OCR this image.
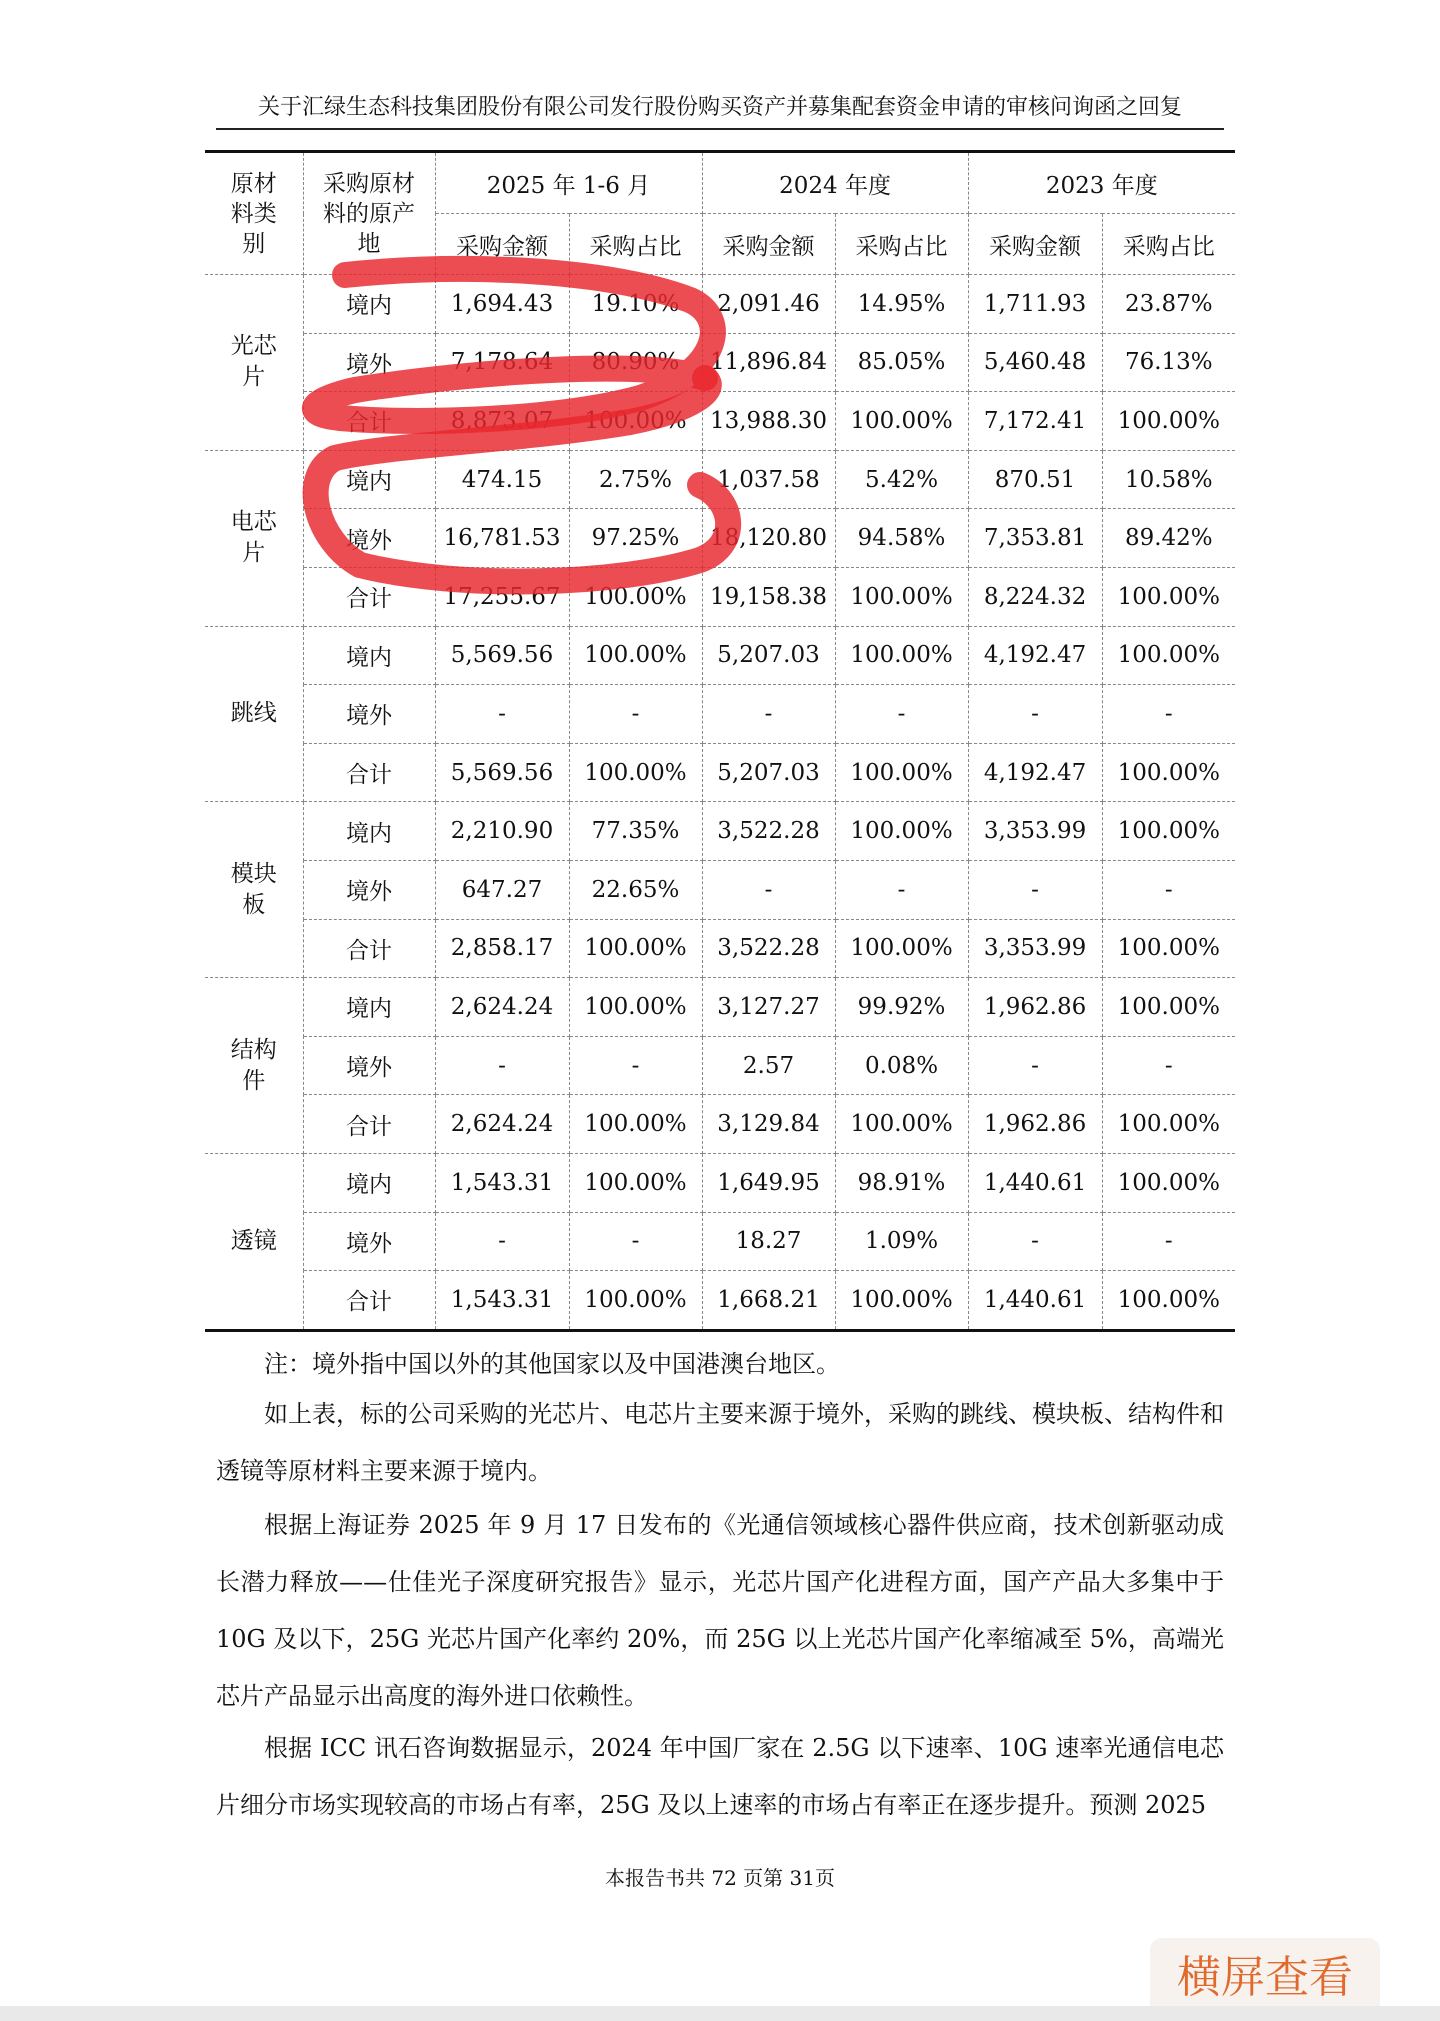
关于汇绿生态科技集团股份有限公司发行股份购买资产并募集配套资金申请的审核问询函之回复
原材料类别	采购原材料的原产地	2025 年 1-6 月		2024 年度		2023 年度	
		采购金额	采购占比	采购金额	采购占比	采购金额	采购占比
光芯片	境内	1,694.43	19.10%	2,091.46	14.95%	1,711.93	23.87%
	境外	7,178.64	80.90%	11,896.84	85.05%	5,460.48	76.13%
	合计	8,873.07	100.00%	13,988.30	100.00%	7,172.41	100.00%
电芯片	境内	474.15	2.75%	1,037.58	5.42%	870.51	10.58%
	境外	16,781.53	97.25%	18,120.80	94.58%	7,353.81	89.42%
	合计	17,255.67	100.00%	19,158.38	100.00%	8,224.32	100.00%
跳线	境内	5,569.56	100.00%	5,207.03	100.00%	4,192.47	100.00%
	境外	-	-	-	-	-	-
	合计	5,569.56	100.00%	5,207.03	100.00%	4,192.47	100.00%
模块板	境内	2,210.90	77.35%	3,522.28	100.00%	3,353.99	100.00%
	境外	647.27	22.65%	-	-	-	-
	合计	2,858.17	100.00%	3,522.28	100.00%	3,353.99	100.00%
结构件	境内	2,624.24	100.00%	3,127.27	99.92%	1,962.86	100.00%
	境外	-	-	2.57	0.08%	-	-
	合计	2,624.24	100.00%	3,129.84	100.00%	1,962.86	100.00%
透镜	境内	1,543.31	100.00%	1,649.95	98.91%	1,440.61	100.00%
	境外	-	-	18.27	1.09%	-	-
	合计	1,543.31	100.00%	1,668.21	100.00%	1,440.61	100.00%
注：境外指中国以外的其他国家以及中国港澳台地区。
如上表，标的公司采购的光芯片、电芯片主要来源于境外，采购的跳线、模块板、结构件和透镜等原材料主要来源于境内。
根据上海证券 2025 年 9 月 17 日发布的《光通信领域核心器件供应商，技术创新驱动成长潜力释放——仕佳光子深度研究报告》显示，光芯片国产化进程方面，国产产品大多集中于 10G 及以下，25G 光芯片国产化率约 20%，而 25G 以上光芯片国产化率缩减至 5%，高端光芯片产品显示出高度的海外进口依赖性。
根据 ICC 讯石咨询数据显示，2024 年中国厂家在 2.5G 以下速率、10G 速率光通信电芯片细分市场实现较高的市场占有率，25G 及以上速率的市场占有率正在逐步提升。预测 2025
本报告书共 72 页第 31页
横屏查看
